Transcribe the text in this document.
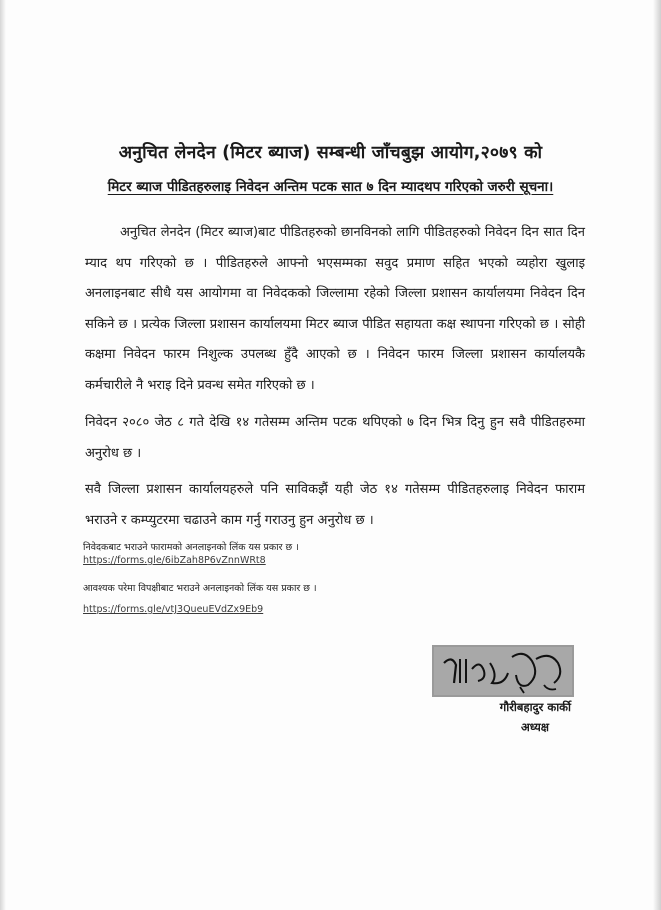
अनुचित लेनदेन (मिटर ब्याज) सम्बन्धी जाँचबुझ आयोग,२०७९ को
मिटर ब्याज पीडितहरुलाइ निवेदन अन्तिम पटक सात ७ दिन म्यादथप गरिएको जरुरी सूचना।

अनुचित लेनदेन (मिटर ब्याज)बाट पीडितहरुको छानविनको लागि पीडितहरुको निवेदन दिन सात दिन म्याद थप गरिएको छ । पीडितहरुले आफ्नो भएसम्मका सवुद प्रमाण सहित भएको व्यहोरा खुलाइ अनलाइनबाट सीधै यस आयोगमा वा निवेदकको जिल्लामा रहेको जिल्ला प्रशासन कार्यालयमा निवेदन दिन सकिने छ । प्रत्येक जिल्ला प्रशासन कार्यालयमा मिटर ब्याज पीडित सहायता कक्ष स्थापना गरिएको छ । सोही कक्षमा निवेदन फारम निशुल्क उपलब्ध हुँदै आएको छ । निवेदन फारम जिल्ला प्रशासन कार्यालयकै कर्मचारीले नै भराइ दिने प्रवन्ध समेत गरिएको छ ।

निवेदन २०८० जेठ ८ गते देखि १४ गतेसम्म अन्तिम पटक थपिएको ७ दिन भित्र दिनु हुन सवै पीडितहरुमा अनुरोध छ ।

सवै जिल्ला प्रशासन कार्यालयहरुले पनि साविकझैं यही जेठ १४ गतेसम्म पीडितहरुलाइ निवेदन फाराम भराउने र कम्प्युटरमा चढाउने काम गर्नु गराउनु हुन अनुरोध छ ।

निवेदकबाट भराउने फारामको अनलाइनको लिंक यस प्रकार छ ।

https://forms.gle/6ibZah8P6vZnnWRt8

आवश्यक परेमा विपक्षीबाट भराउने अनलाइनको लिंक यस प्रकार छ ।

https://forms.gle/vtJ3QueuEVdZx9Eb9

गौरीबहादुर कार्की

अध्यक्ष
